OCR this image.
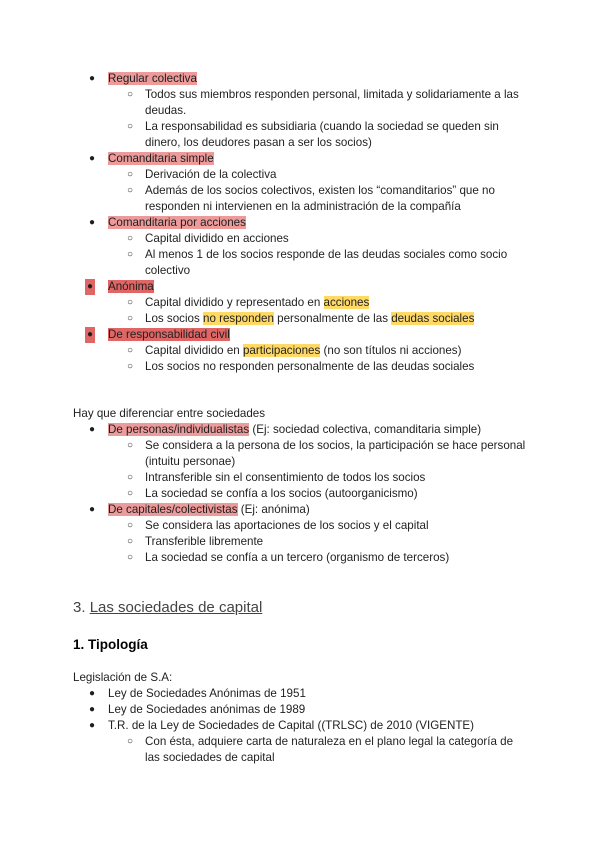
● Regular colectiva
○ Todos sus miembros responden personal, limitada y solidariamente a las deudas.
○ La responsabilidad es subsidiaria (cuando la sociedad se queden sin dinero, los deudores pasan a ser los socios)
● Comanditaria simple
○ Derivación de la colectiva
○ Además de los socios colectivos, existen los “comanditarios” que no responden ni intervienen en la administración de la compañía
● Comanditaria por acciones
○ Capital dividido en acciones
○ Al menos 1 de los socios responde de las deudas sociales como socio colectivo
● Anónima
○ Capital dividido y representado en acciones
○ Los socios no responden personalmente de las deudas sociales
● De responsabilidad civil
○ Capital dividido en participaciones (no son títulos ni acciones)
○ Los socios no responden personalmente de las deudas sociales
Hay que diferenciar entre sociedades
● De personas/individualistas (Ej: sociedad colectiva, comanditaria simple)
○ Se considera a la persona de los socios, la participación se hace personal (intuitu personae)
○ Intransferible sin el consentimiento de todos los socios
○ La sociedad se confía a los socios (autoorganicismo)
● De capitales/colectivistas (Ej: anónima)
○ Se considera las aportaciones de los socios y el capital
○ Transferible libremente
○ La sociedad se confía a un tercero (organismo de terceros)
3. Las sociedades de capital
1. Tipología
Legislación de S.A:
● Ley de Sociedades Anónimas de 1951
● Ley de Sociedades anónimas de 1989
● T.R. de la Ley de Sociedades de Capital ((TRLSC) de 2010 (VIGENTE)
○ Con ésta, adquiere carta de naturaleza en el plano legal la categoría de las sociedades de capital
